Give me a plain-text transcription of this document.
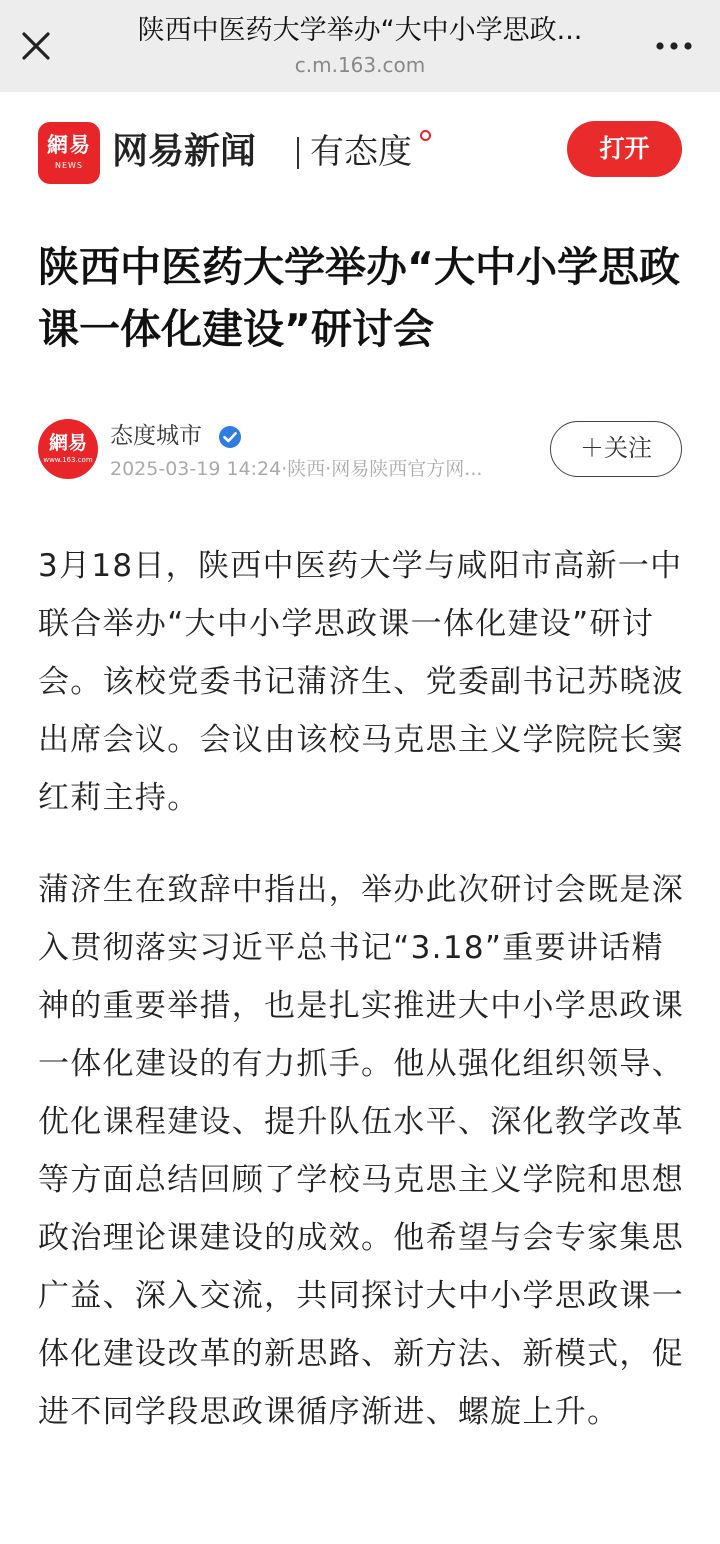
陕西中医药大学举办“大中小学思政...
c.m.163.com
網易
NEWS 网易新闻 有态度	打开
陕西中医药大学举办“大中小学思政课一体化建设”研讨会
網易
www.163.com
态度城市
2025-03-19 14:24·陕西·网易陕西官方网...
＋关注

3月18日，陕西中医药大学与咸阳市高新一中联合举办“大中小学思政课一体化建设”研讨会。该校党委书记蒲济生、党委副书记苏晓波出席会议。会议由该校马克思主义学院院长窦红莉主持。

蒲济生在致辞中指出，举办此次研讨会既是深入贯彻落实习近平总书记“3.18”重要讲话精神的重要举措，也是扎实推进大中小学思政课一体化建设的有力抓手。他从强化组织领导、优化课程建设、提升队伍水平、深化教学改革等方面总结回顾了学校马克思主义学院和思想政治理论课建设的成效。他希望与会专家集思广益、深入交流，共同探讨大中小学思政课一体化建设改革的新思路、新方法、新模式，促进不同学段思政课循序渐进、螺旋上升。
